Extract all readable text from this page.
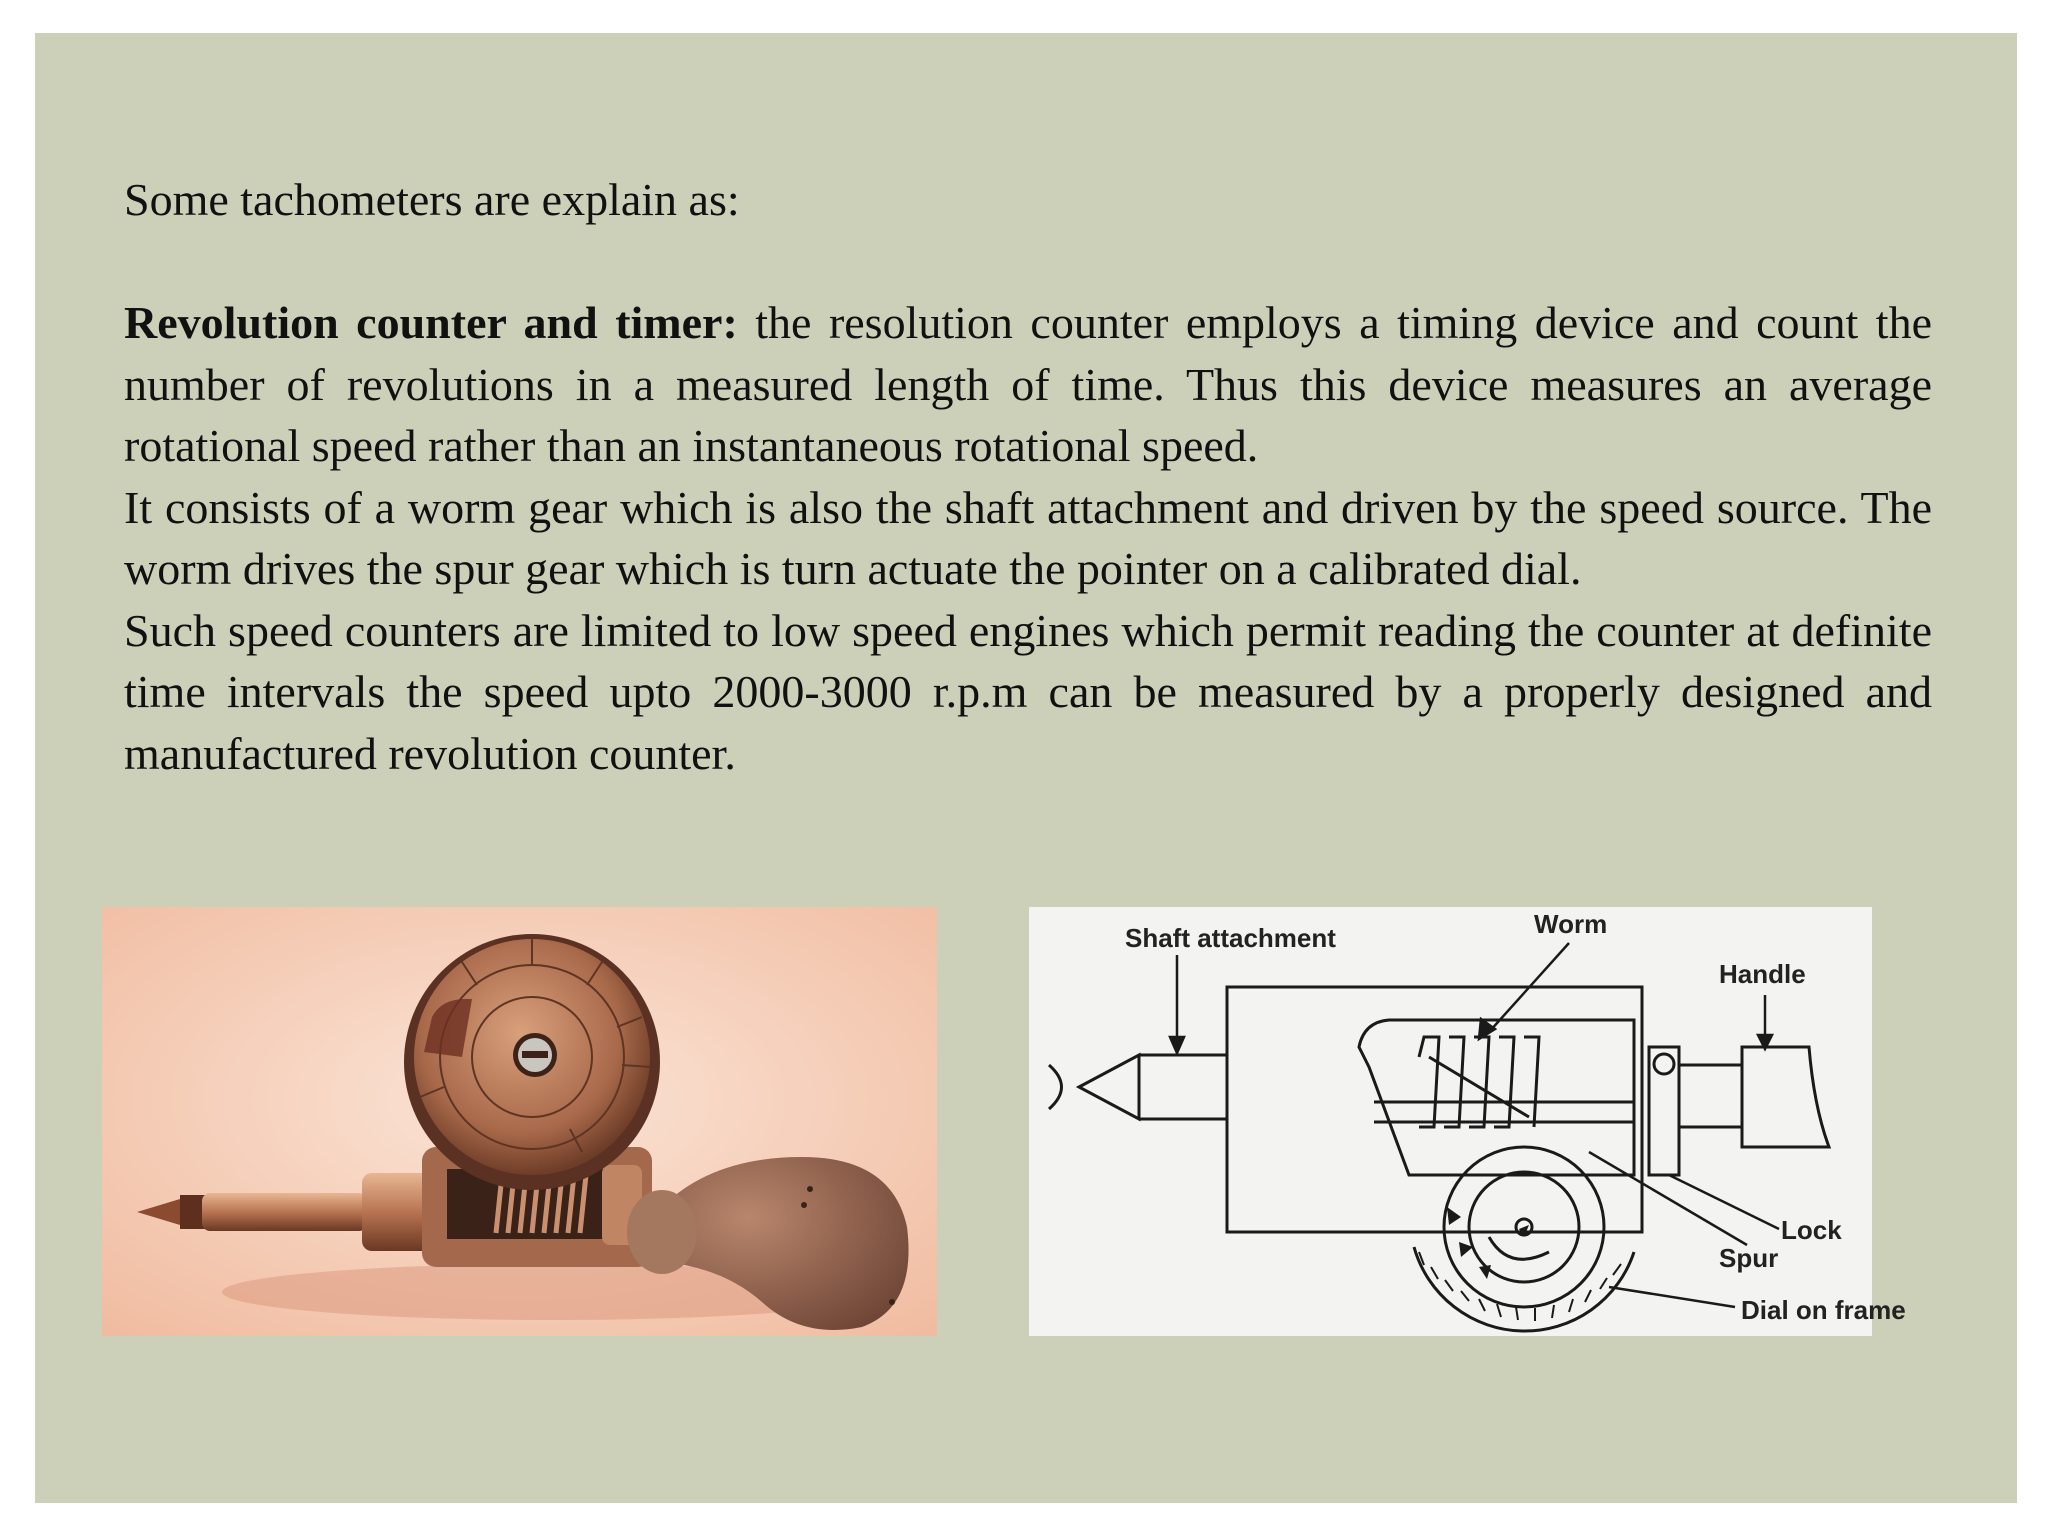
Some tachometers are explain as:

Revolution counter and timer: the resolution counter employs a timing device and count the number of revolutions in a measured length of time. Thus this device measures an average rotational speed rather than an instantaneous rotational speed.

It consists of a worm gear which is also the shaft attachment and driven by the speed source. The worm drives the spur gear which is turn actuate the pointer on a calibrated dial.

Such speed counters are limited to low speed engines which permit reading the counter at definite time intervals the speed upto 2000-3000 r.p.m can be measured by a properly designed and manufactured revolution counter.

Shaft attachment	Worm
Handle
Lock
Spur
Dial on frame
